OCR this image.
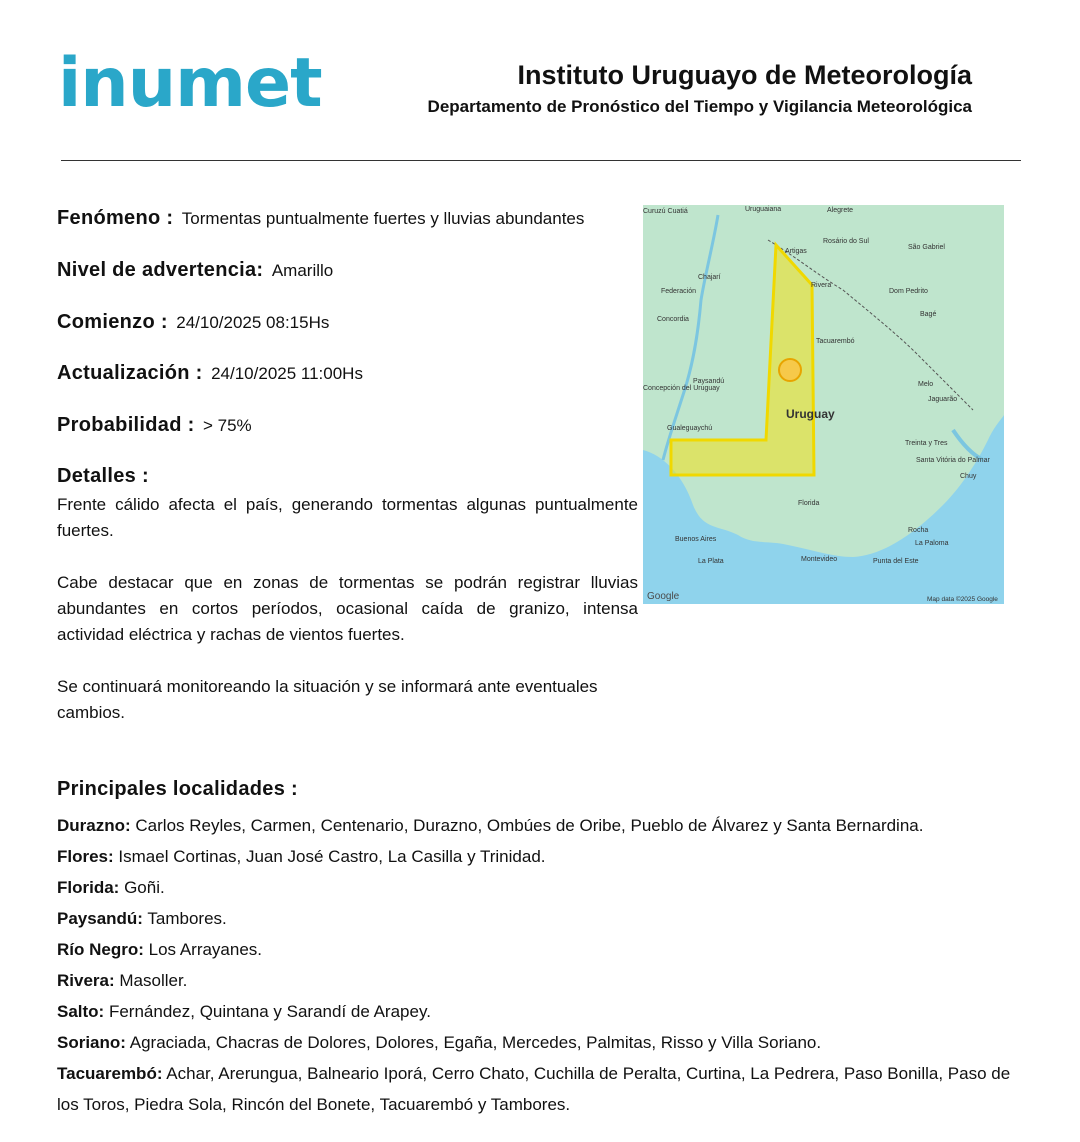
inumet	Instituto Uruguayo de Meteorología
Departamento de Pronóstico del Tiempo y Vigilancia Meteorológica
Fenómeno : Tormentas puntualmente fuertes y lluvias abundantes
Nivel de advertencia: Amarillo
Comienzo : 24/10/2025 08:15Hs
Actualización : 24/10/2025 11:00Hs
Probabilidad : > 75%
Detalles :

Frente cálido afecta el país, generando tormentas algunas puntualmente fuertes.

Cabe destacar que en zonas de tormentas se podrán registrar lluvias abundantes en cortos períodos, ocasional caída de granizo, intensa actividad eléctrica y rachas de vientos fuertes.

Se continuará monitoreando la situación y se informará ante eventuales cambios.

Uruguay
Google	Map data ©2025 Google
Uruguaiana	Alegrete
Curuzú Cuatiá
Rosário do Sul
São Gabriel
Artigas
Rivera
Dom Pedrito
Bagé
Chajarí
Federación
Concordia
Tacuarembó
Paysandú
Concepción del Uruguay
Melo
Jaguarão
Gualeguaychú
Treinta y Tres
Santa Vitória do Palmar
Chuy
Florida
Rocha
Buenos Aires
La Plata	Montevideo
La Paloma
Punta del Este
Principales localidades :

Durazno: Carlos Reyles, Carmen, Centenario, Durazno, Ombúes de Oribe, Pueblo de Álvarez y Santa Bernardina.

Flores: Ismael Cortinas, Juan José Castro, La Casilla y Trinidad.

Florida: Goñi.

Paysandú: Tambores.

Río Negro: Los Arrayanes.

Rivera: Masoller.

Salto: Fernández, Quintana y Sarandí de Arapey.

Soriano: Agraciada, Chacras de Dolores, Dolores, Egaña, Mercedes, Palmitas, Risso y Villa Soriano.

Tacuarembó: Achar, Arerungua, Balneario Iporá, Cerro Chato, Cuchilla de Peralta, Curtina, La Pedrera, Paso Bonilla, Paso de los Toros, Piedra Sola, Rincón del Bonete, Tacuarembó y Tambores.
